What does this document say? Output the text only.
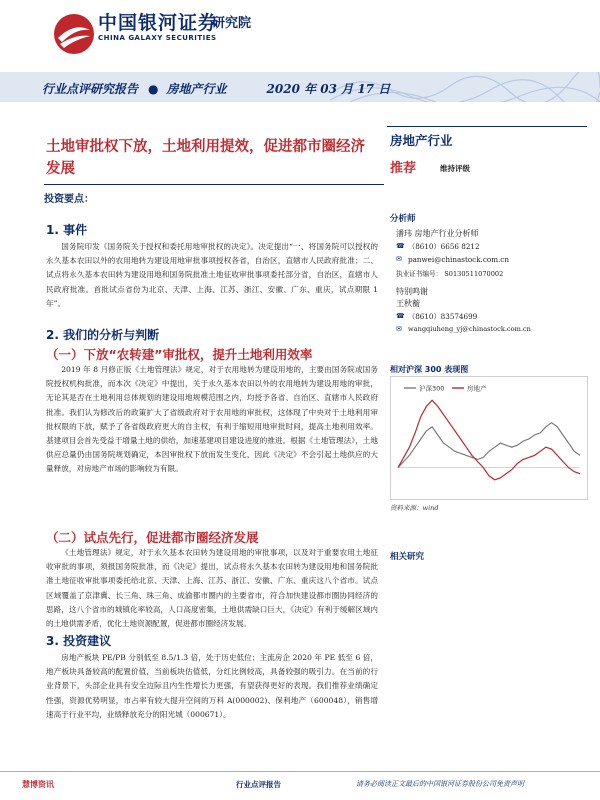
中国银河证券
CHINA GALAXY SECURITIES
研究院
行业点评研究报告 ● 房地产行业	2020 年 03 月 17 日
土地审批权下放，土地利用提效，促进都市圈经济发展
投资要点：
1. 事件
国务院印发《国务院关于授权和委托用地审批权的决定》。决定提出“一、将国务院可以授权的永久基本农田以外的农用地转为建设用地审批事项授权各省，自治区，直辖市人民政府批准；二、试点将永久基本农田转为建设用地和国务院批准土地征收审批事项委托部分省，自治区，直辖市人民政府批准。首批试点省份为北京、天津、上海、江苏、浙江、安徽、广东、重庆，试点期限 1 年”。
2. 我们的分析与判断
（一）下放“农转建”审批权，提升土地利用效率
2019 年 8 月修正版《土地管理法》规定，对于农用地转为建设用地的，主要由国务院或国务院授权机构批准，而本次《决定》中提出，关于永久基本农田以外的农用地转为建设用地的审批，无论其是否在土地利用总体规划的建设用地规模范围之内，均授予各省、自治区、直辖市人民政府批准。我们认为修改后的政策扩大了省级政府对于农用地的审批权，这体现了中央对于土地利用审批权限的下放，赋予了各省级政府更大的自主权，有利于缩短用地审批时间，提高土地利用效率。基建项目会首先受益于增量土地的供给，加速基建项目建设进度的推进。根据《土地管理法》，土地供应总量仍由国务院规划确定，本因审批权下放而发生变化，因此《决定》不会引起土地供应的大量释放，对房地产市场的影响较为有限。
（二）试点先行，促进都市圈经济发展
《土地管理法》规定，对于永久基本农田转为建设用地的审批事项，以及对于重要农用土地征收审批的事项，须报国务院批准，而《决定》提出，试点将永久基本农田转为建设用地和国务院批准土地征收审批事项委托给北京、天津、上海、江苏、浙江、安徽、广东、重庆这八个省市。试点区域覆盖了京津冀、长三角、珠三角、成渝都市圈内的主要省市，符合加快建设都市圈协同经济的思路，这八个省市的城镇化率较高，人口高度密集，土地供需缺口巨大，《决定》有利于缓解区域内的土地供需矛盾，优化土地资源配置，促进都市圈经济发展。
3. 投资建议
房地产板块 PE/PB 分别低至 8.5/1.3 倍，处于历史低位；主流房企 2020 年 PE 低至 6 倍，地产板块具备较高的配置价值，当前板块估值低，分红比例较高，具备较强的吸引力。在当前的行业背景下，头部企业具有安全边际且内生性增长力更强，有望获得更好的表现。我们推荐业绩确定性强，资源优势明显，市占率有较大提升空间的万科 A(000002)、保利地产（600048），销售增速高于行业平均，业绩释放充分的阳光城（000671）。
房地产行业
推荐	维持评级
分析师
潘玮 房地产行业分析师
☎ （8610）6656 8212
✉ panwei@chinastock.com.cn
执业证书编号： S0130511070002
特别鸣谢
王秋蘅
☎ （8610）83574699
✉ wangqiuheng_yj@chinastock.com.cn
相对沪深 300 表现图
沪深300	房地产
资料来源：wind
相关研究
慧博资讯	行业点评报告	请务必阅读正文最后的中国银河证券股份公司免责声明
